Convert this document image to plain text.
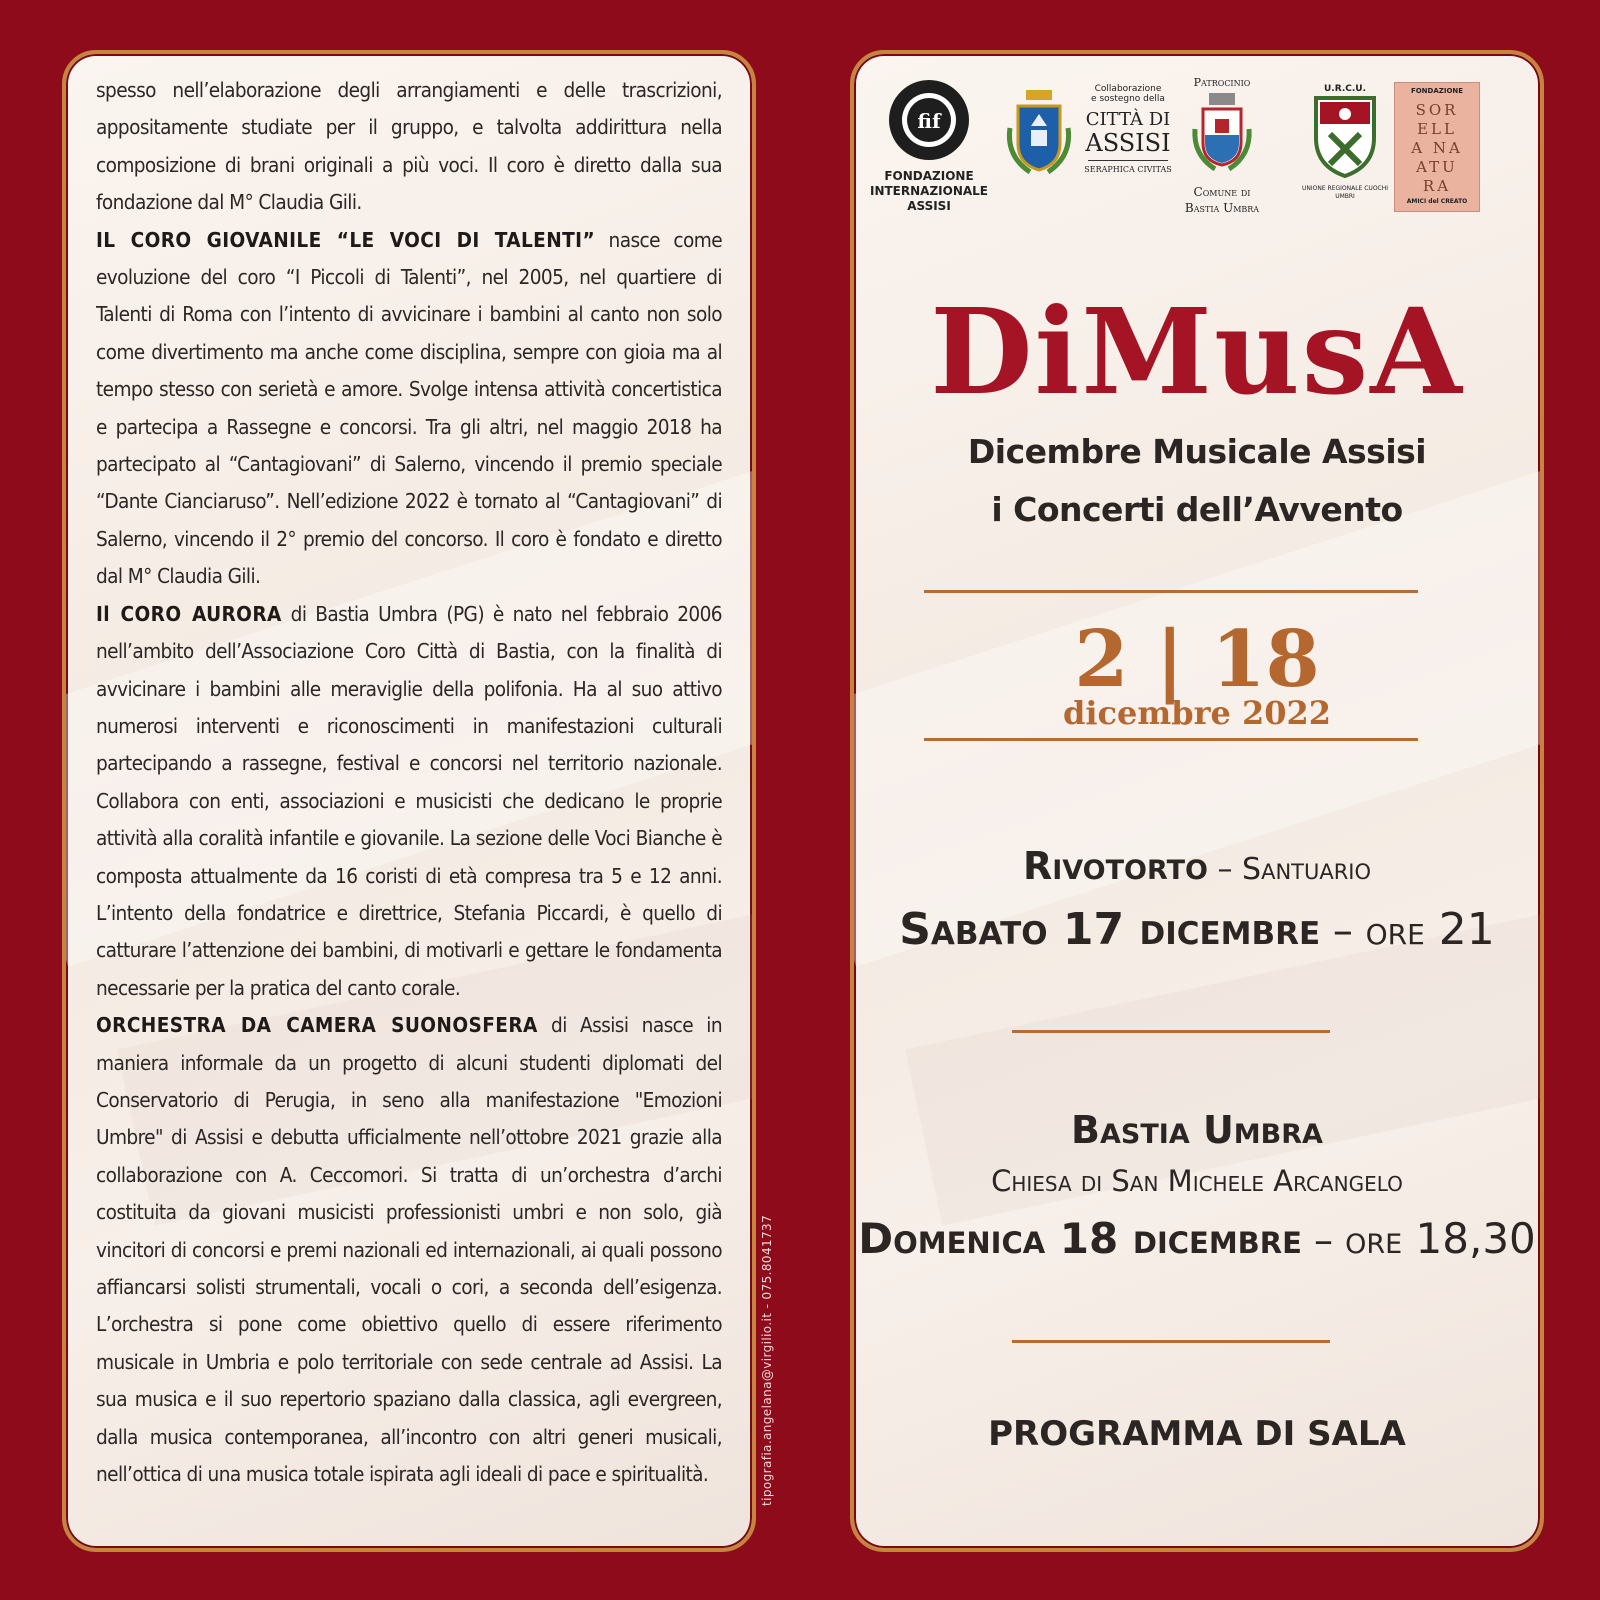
spesso nell’elaborazione degli arrangiamenti e delle trascrizioni, appositamente studiate per il gruppo, e talvolta addirittura nella composizione di brani originali a più voci. Il coro è diretto dalla sua fondazione dal M° Claudia Gili.

IL CORO GIOVANILE “LE VOCI DI TALENTI” nasce come evoluzione del coro “I Piccoli di Talenti”, nel 2005, nel quartiere di Talenti di Roma con l’intento di avvicinare i bambini al canto non solo come divertimento ma anche come disciplina, sempre con gioia ma al tempo stesso con serietà e amore. Svolge intensa attività concertistica e partecipa a Rassegne e concorsi. Tra gli altri, nel maggio 2018 ha partecipato al “Cantagiovani” di Salerno, vincendo il premio speciale “Dante Cianciaruso”. Nell’edizione 2022 è tornato al “Cantagiovani” di Salerno, vincendo il 2° premio del concorso. Il coro è fondato e diretto dal M° Claudia Gili.

Il CORO AURORA di Bastia Umbra (PG) è nato nel febbraio 2006 nell’ambito dell’Associazione Coro Città di Bastia, con la finalità di avvicinare i bambini alle meraviglie della polifonia. Ha al suo attivo numerosi interventi e riconoscimenti in manifestazioni culturali partecipando a rassegne, festival e concorsi nel territorio nazionale. Collabora con enti, associazioni e musicisti che dedicano le proprie attività alla coralità infantile e giovanile. La sezione delle Voci Bianche è composta attualmente da 16 coristi di età compresa tra 5 e 12 anni. L’intento della fondatrice e direttrice, Stefania Piccardi, è quello di catturare l’attenzione dei bambini, di motivarli e gettare le fondamenta necessarie per la pratica del canto corale.

ORCHESTRA DA CAMERA SUONOSFERA di Assisi nasce in maniera informale da un progetto di alcuni studenti diplomati del Conservatorio di Perugia, in seno alla manifestazione "Emozioni Umbre" di Assisi e debutta ufficialmente nell’ottobre 2021 grazie alla collaborazione con A. Ceccomori. Si tratta di un’orchestra d’archi costituita da giovani musicisti professionisti umbri e non solo, già vincitori di concorsi e premi nazionali ed internazionali, ai quali possono affiancarsi solisti strumentali, vocali o cori, a seconda dell’esigenza. L’orchestra si pone come obiettivo quello di essere riferimento musicale in Umbria e polo territoriale con sede centrale ad Assisi. La sua musica e il suo repertorio spaziano dalla classica, agli evergreen, dalla musica contemporanea, all’incontro con altri generi musicali, nell’ottica di una musica totale ispirata agli ideali di pace e spiritualità.	tipografia.angelana@virgilio.it - 075.8041737
fif
FONDAZIONE
INTERNAZIONALE
ASSISI
Collaborazione
e sostegno della
CITTÀ DI
ASSISI
SERAPHICA CIVITAS
Patrocinio
Comune di
Bastia Umbra
U.R.C.U.
UNIONE REGIONALE CUOCHI UMBRI
FONDAZIONE
SOR
ELL
A NA
ATU
RA
AMICI del CREATO
DiMusA
Dicembre Musicale Assisi
i Concerti dell’Avvento
2 | 18
dicembre 2022
Rivotorto – Santuario
Sabato 17 dicembre – ore 21
Bastia Umbra
Chiesa di San Michele Arcangelo
Domenica 18 dicembre – ore 18,30
PROGRAMMA DI SALA
